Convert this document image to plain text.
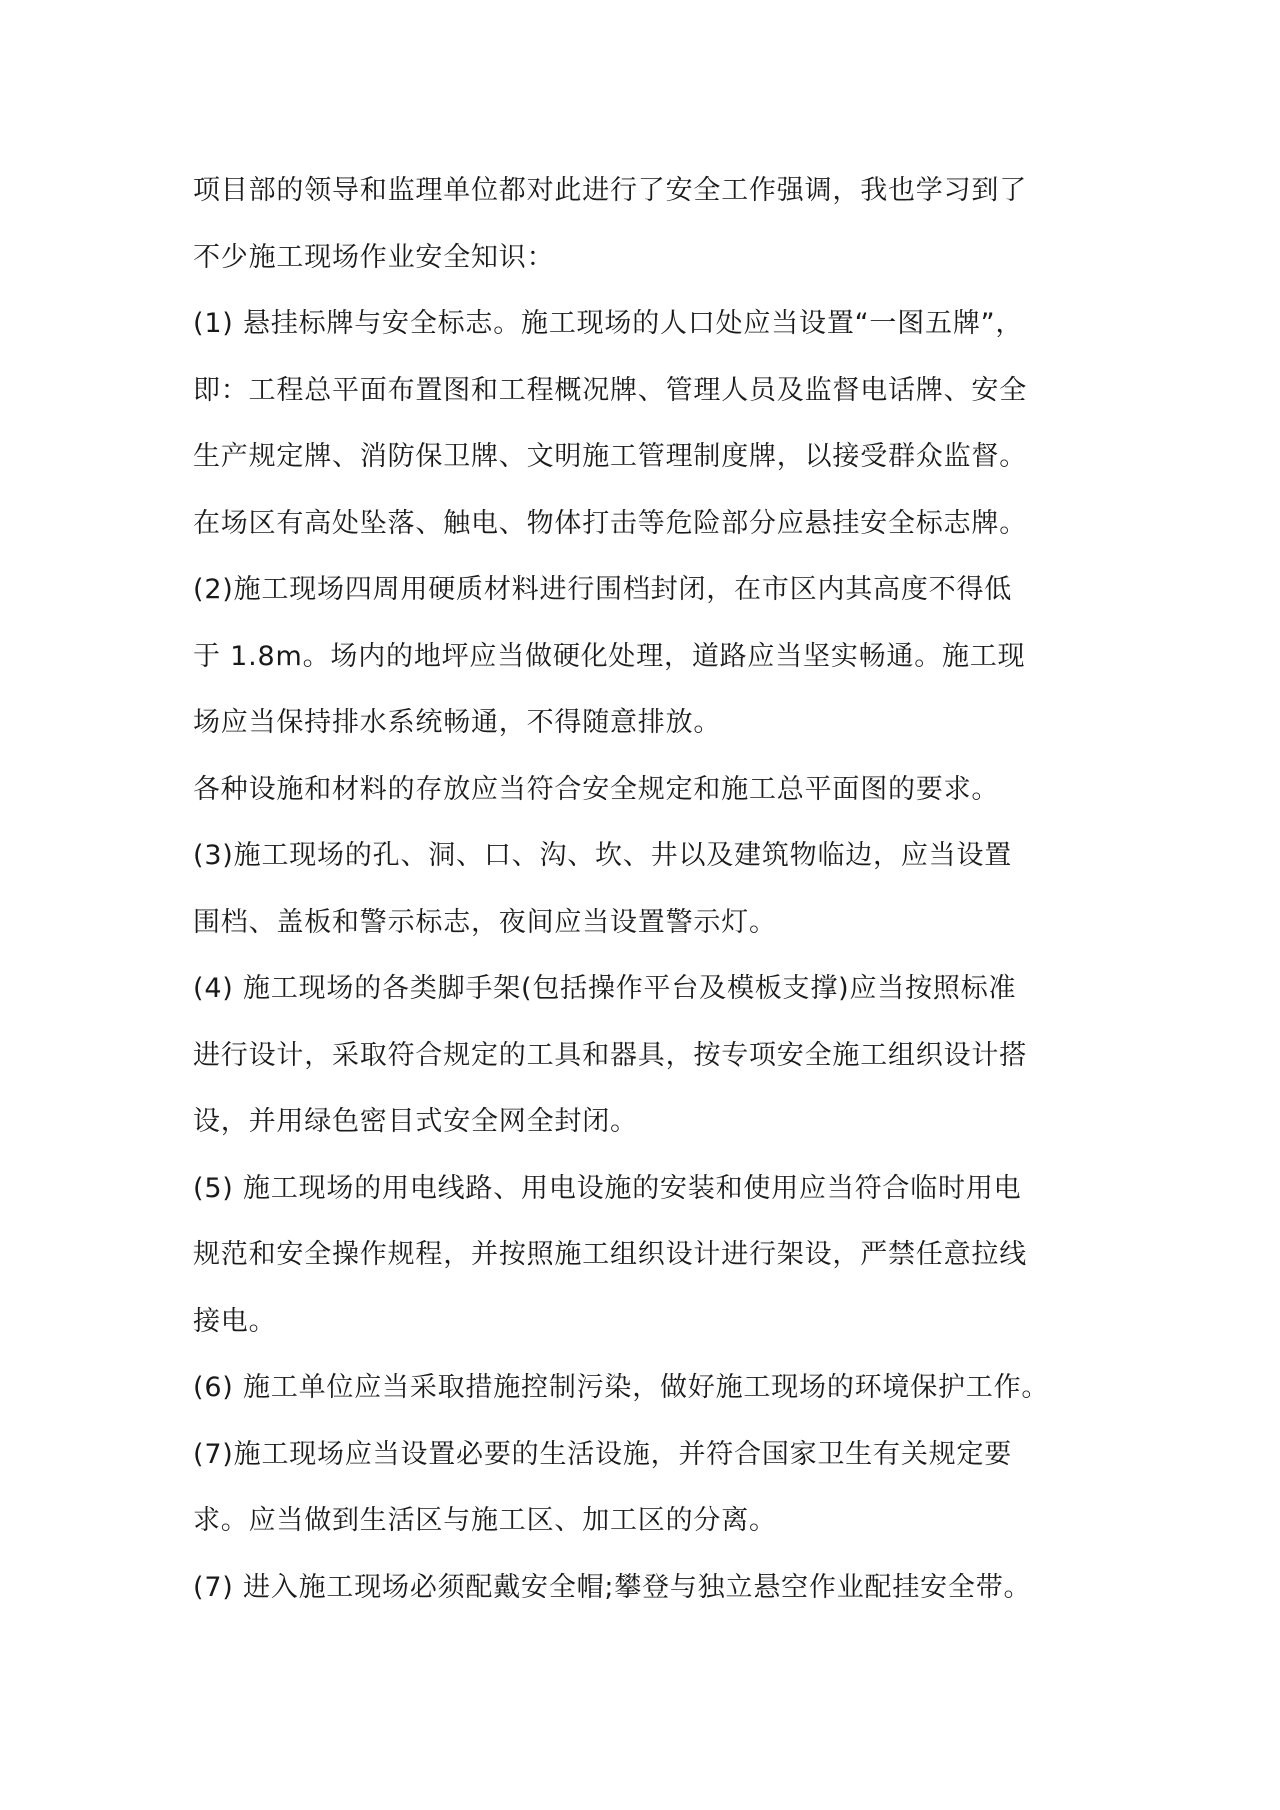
项目部的领导和监理单位都对此进行了安全工作强调，我也学习到了
不少施工现场作业安全知识：
(1) 悬挂标牌与安全标志。施工现场的人口处应当设置“一图五牌”，
即：工程总平面布置图和工程概况牌、管理人员及监督电话牌、安全
生产规定牌、消防保卫牌、文明施工管理制度牌，以接受群众监督。
在场区有高处坠落、触电、物体打击等危险部分应悬挂安全标志牌。
(2)施工现场四周用硬质材料进行围档封闭，在市区内其高度不得低
于 1.8m。场内的地坪应当做硬化处理，道路应当坚实畅通。施工现
场应当保持排水系统畅通，不得随意排放。
各种设施和材料的存放应当符合安全规定和施工总平面图的要求。
(3)施工现场的孔、洞、口、沟、坎、井以及建筑物临边，应当设置
围档、盖板和警示标志，夜间应当设置警示灯。
(4) 施工现场的各类脚手架(包括操作平台及模板支撑)应当按照标准
进行设计，采取符合规定的工具和器具，按专项安全施工组织设计搭
设，并用绿色密目式安全网全封闭。
(5) 施工现场的用电线路、用电设施的安装和使用应当符合临时用电
规范和安全操作规程，并按照施工组织设计进行架设，严禁任意拉线
接电。
(6) 施工单位应当采取措施控制污染，做好施工现场的环境保护工作。
(7)施工现场应当设置必要的生活设施，并符合国家卫生有关规定要
求。应当做到生活区与施工区、加工区的分离。
(7) 进入施工现场必须配戴安全帽;攀登与独立悬空作业配挂安全带。
